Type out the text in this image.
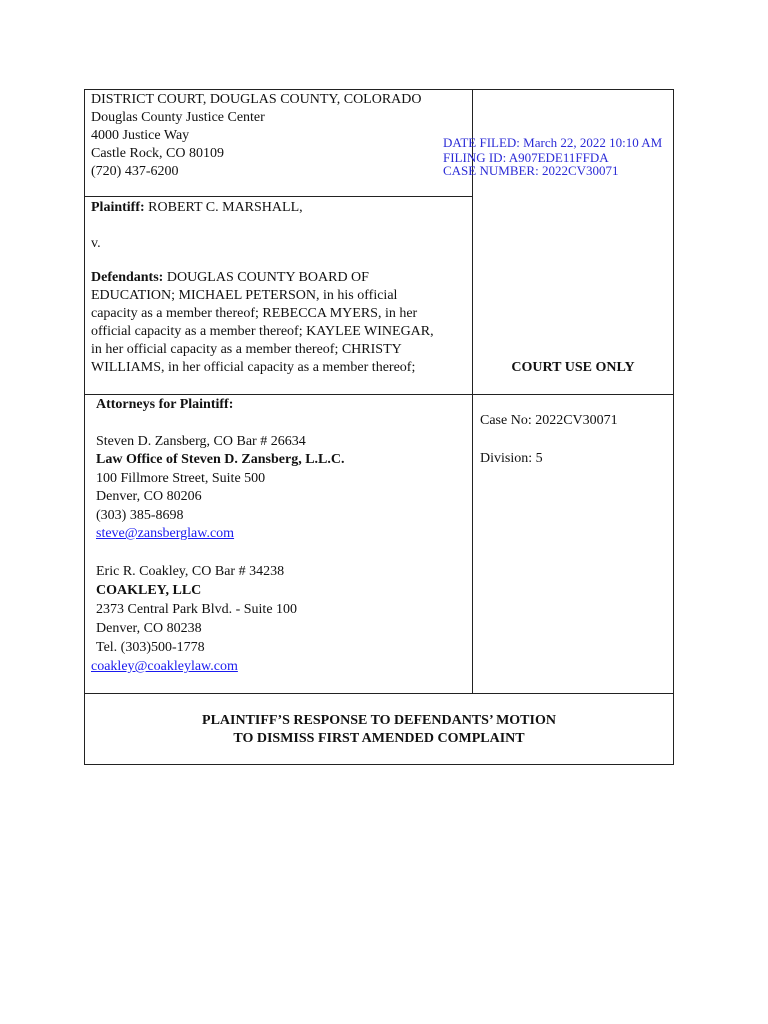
DISTRICT COURT, DOUGLAS COUNTY, COLORADO
Douglas County Justice Center
4000 Justice Way
Castle Rock, CO 80109
(720) 437-6200
DATE FILED: March 22, 2022 10:10 AM
FILING ID: A907EDE11FFDA
CASE NUMBER: 2022CV30071
Plaintiff: ROBERT C. MARSHALL,
v.
Defendants: DOUGLAS COUNTY BOARD OF
EDUCATION; MICHAEL PETERSON, in his official
capacity as a member thereof; REBECCA MYERS, in her
official capacity as a member thereof; KAYLEE WINEGAR,
in her official capacity as a member thereof; CHRISTY
WILLIAMS, in her official capacity as a member thereof;	COURT USE ONLY
Attorneys for Plaintiff:
Steven D. Zansberg, CO Bar # 26634
Law Office of Steven D. Zansberg, L.L.C.
100 Fillmore Street, Suite 500
Denver, CO 80206
(303) 385-8698
steve@zansberglaw.com
Eric R. Coakley, CO Bar # 34238
COAKLEY, LLC
2373 Central Park Blvd. - Suite 100
Denver, CO 80238
Tel. (303)500-1778
coakley@coakleylaw.com
Case No: 2022CV30071
Division: 5
PLAINTIFF’S RESPONSE TO DEFENDANTS’ MOTION
TO DISMISS FIRST AMENDED COMPLAINT
